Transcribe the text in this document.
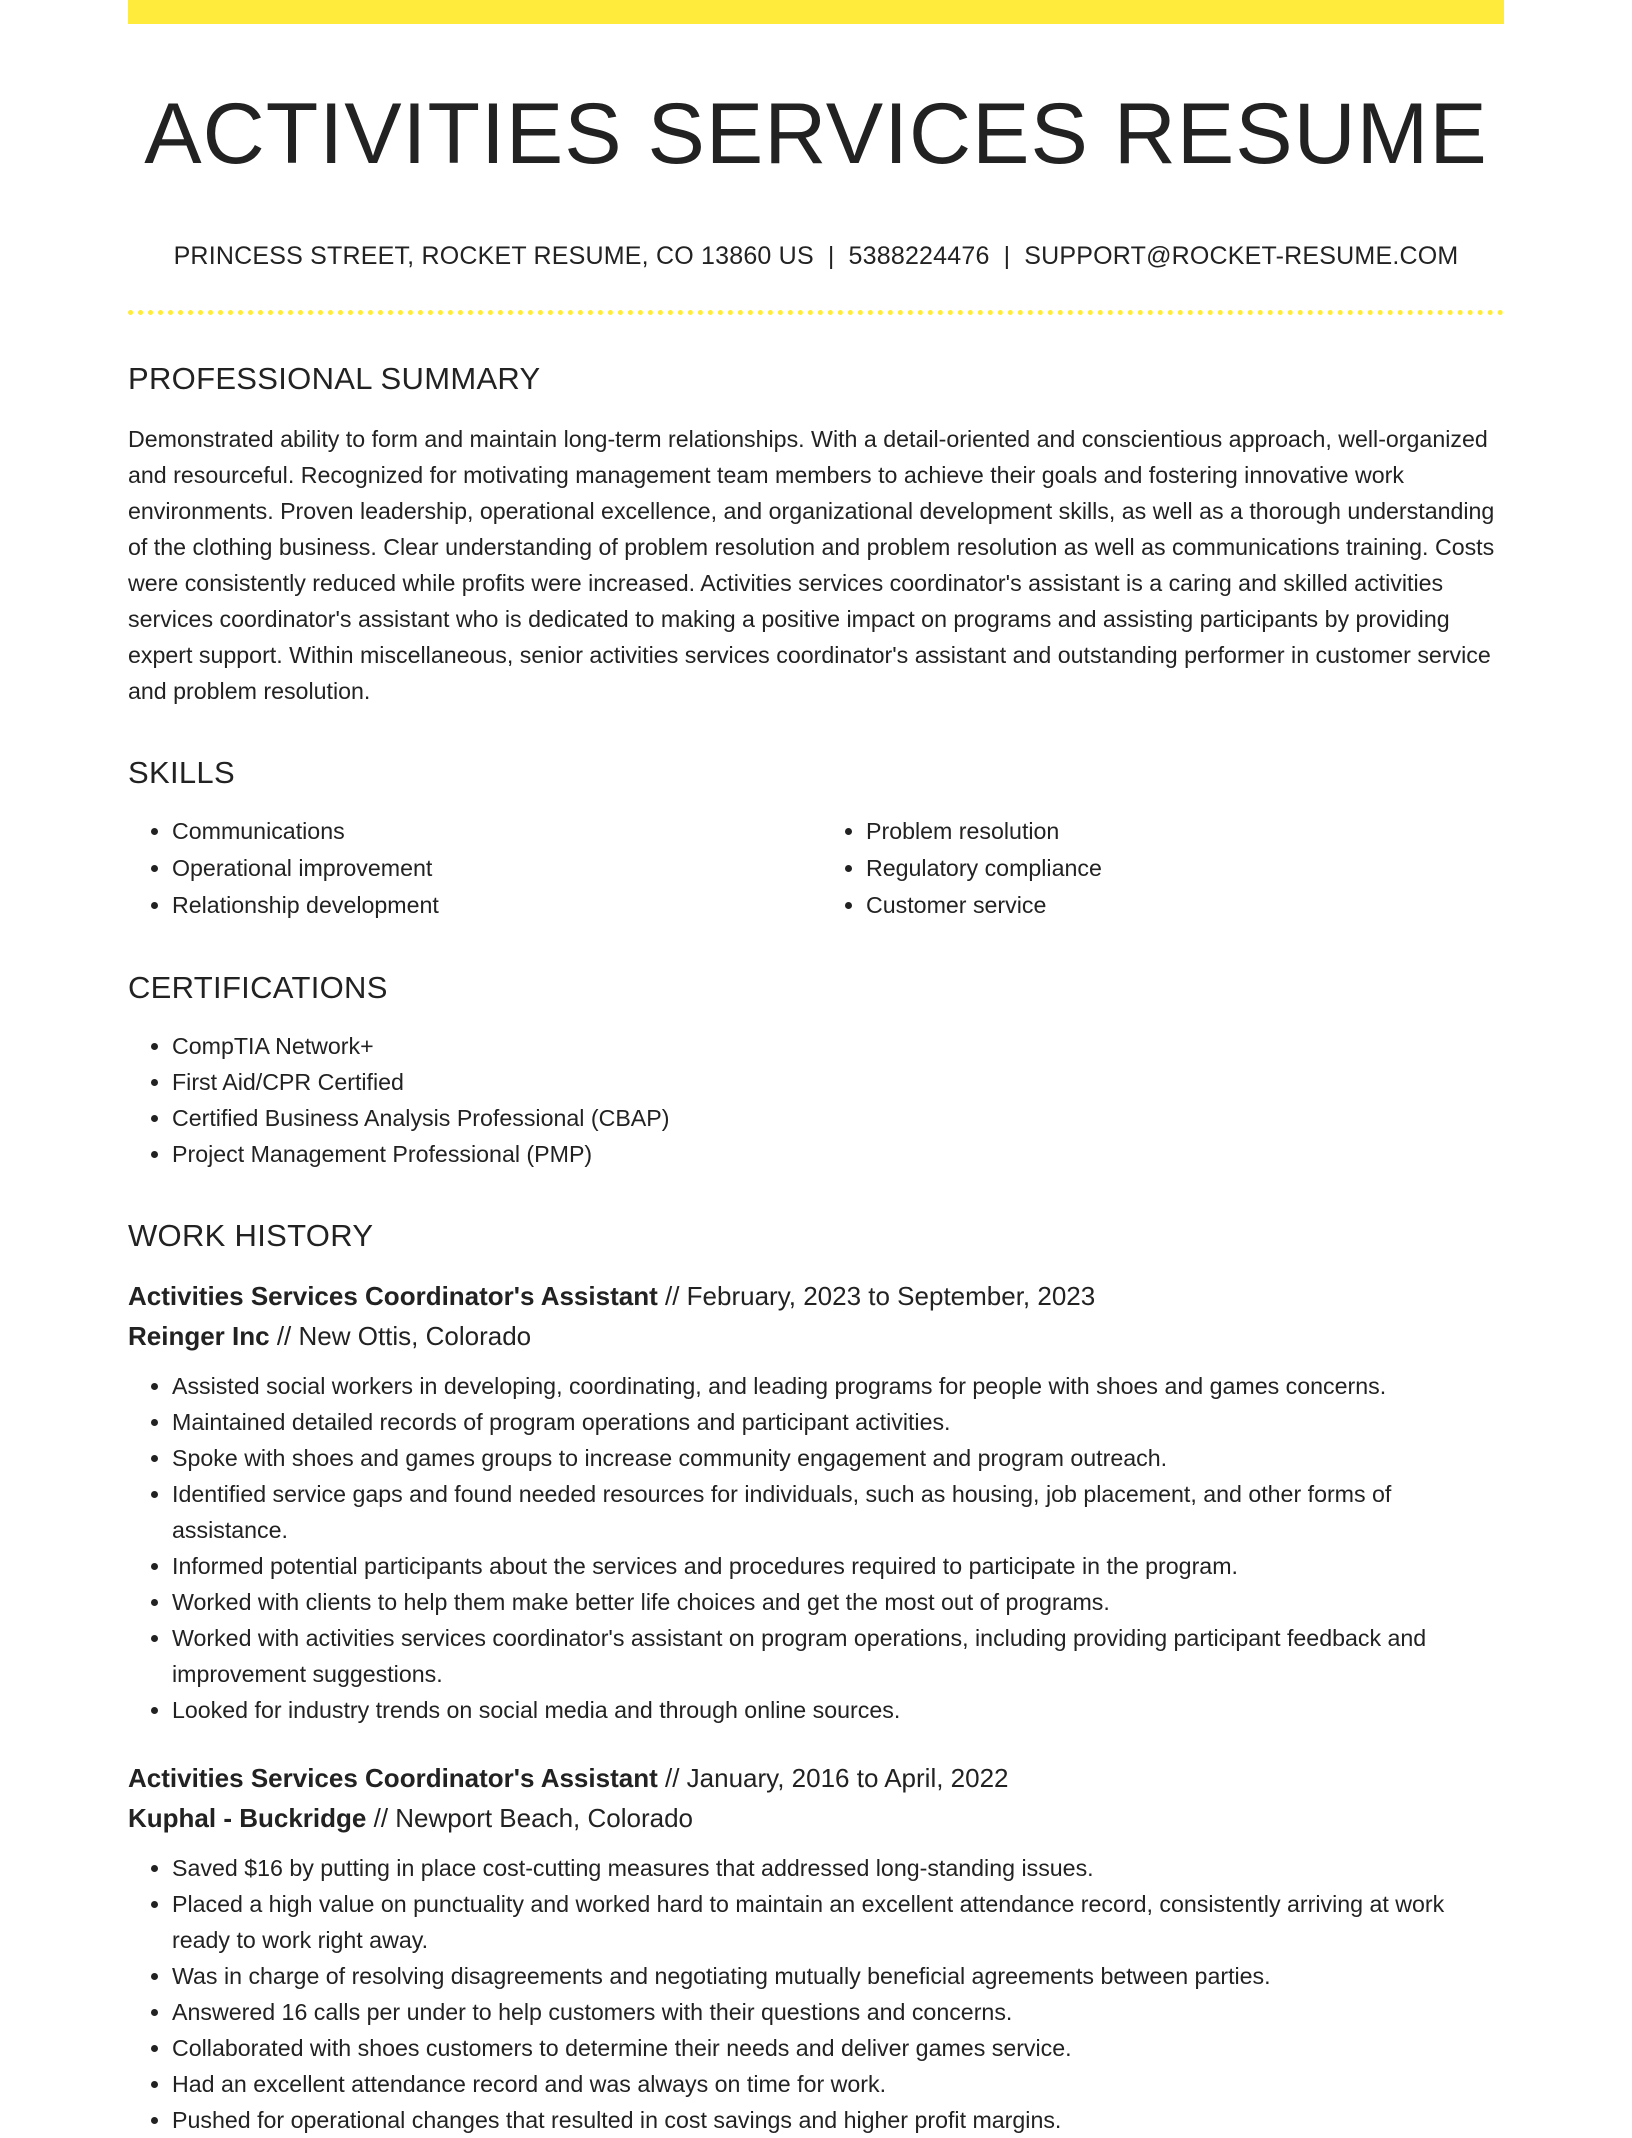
ACTIVITIES SERVICES RESUME
PRINCESS STREET, ROCKET RESUME, CO 13860 US | 5388224476 | SUPPORT@ROCKET-RESUME.COM
PROFESSIONAL SUMMARY

Demonstrated ability to form and maintain long-term relationships. With a detail-oriented and conscientious approach, well-organized and resourceful. Recognized for motivating management team members to achieve their goals and fostering innovative work environments. Proven leadership, operational excellence, and organizational development skills, as well as a thorough understanding of the clothing business. Clear understanding of problem resolution and problem resolution as well as communications training. Costs were consistently reduced while profits were increased. Activities services coordinator's assistant is a caring and skilled activities services coordinator's assistant who is dedicated to making a positive impact on programs and assisting participants by providing expert support. Within miscellaneous, senior activities services coordinator's assistant and outstanding performer in customer service and problem resolution.

SKILLS
• Communications
• Operational improvement
• Relationship development
• Problem resolution
• Regulatory compliance
• Customer service
CERTIFICATIONS
• CompTIA Network+
• First Aid/CPR Certified
• Certified Business Analysis Professional (CBAP)
• Project Management Professional (PMP)
WORK HISTORY
Activities Services Coordinator's Assistant // February, 2023 to September, 2023
Reinger Inc // New Ottis, Colorado
• Assisted social workers in developing, coordinating, and leading programs for people with shoes and games concerns.
• Maintained detailed records of program operations and participant activities.
• Spoke with shoes and games groups to increase community engagement and program outreach.
• Identified service gaps and found needed resources for individuals, such as housing, job placement, and other forms of assistance.
• Informed potential participants about the services and procedures required to participate in the program.
• Worked with clients to help them make better life choices and get the most out of programs.
• Worked with activities services coordinator's assistant on program operations, including providing participant feedback and improvement suggestions.
• Looked for industry trends on social media and through online sources.
Activities Services Coordinator's Assistant // January, 2016 to April, 2022
Kuphal - Buckridge // Newport Beach, Colorado
• Saved $16 by putting in place cost-cutting measures that addressed long-standing issues.
• Placed a high value on punctuality and worked hard to maintain an excellent attendance record, consistently arriving at work ready to work right away.
• Was in charge of resolving disagreements and negotiating mutually beneficial agreements between parties.
• Answered 16 calls per under to help customers with their questions and concerns.
• Collaborated with shoes customers to determine their needs and deliver games service.
• Had an excellent attendance record and was always on time for work.
• Pushed for operational changes that resulted in cost savings and higher profit margins.
